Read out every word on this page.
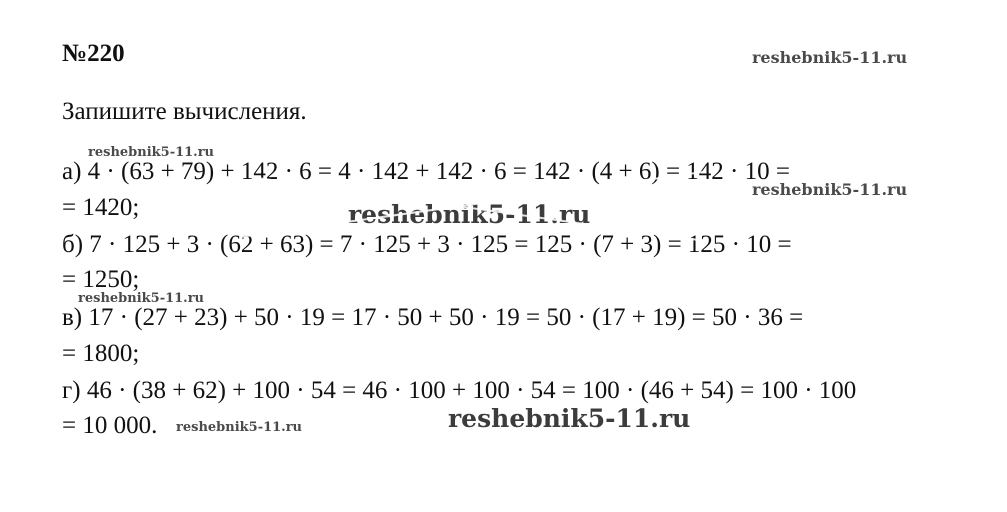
№220	reshebnik5-11.ru
Запишите вычисления.
reshebnik5-11.ru
а) 4 · (63 + 79) + 142 · 6 = 4 · 142 + 142 · 6 = 142 · (4 + 6) = 142 · 10 =
reshebnik5-11.ru
= 1420;	reshebnik5-11.ru
б) 7 · 125 + 3 · (62 + 63) = 7 · 125 + 3 · 125 = 125 · (7 + 3) = 125 · 10 =
= 1250;
reshebnik5-11.ru
в) 17 · (27 + 23) + 50 · 19 = 17 · 50 + 50 · 19 = 50 · (17 + 19) = 50 · 36 =
= 1800;
г) 46 · (38 + 62) + 100 · 54 = 46 · 100 + 100 · 54 = 100 · (46 + 54) = 100 · 100
= 10 000. reshebnik5-11.ru	reshebnik5-11.ru
